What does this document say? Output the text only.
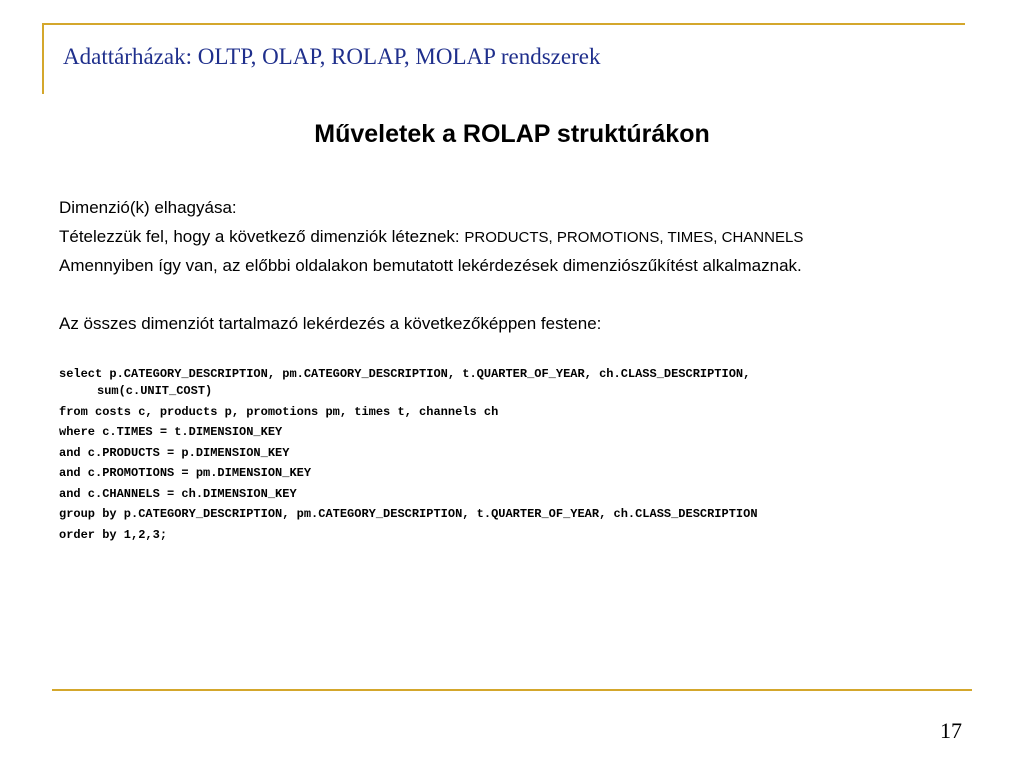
Adattárházak: OLTP, OLAP, ROLAP, MOLAP rendszerek
Műveletek a ROLAP struktúrákon
Dimenzió(k) elhagyása:
Tételezzük fel, hogy a következő dimenziók léteznek: PRODUCTS, PROMOTIONS, TIMES, CHANNELS
Amennyiben így van, az előbbi oldalakon bemutatott lekérdezések dimenziószűkítést alkalmaznak.
Az összes dimenziót tartalmazó lekérdezés a következőképpen festene:
select p.CATEGORY_DESCRIPTION, pm.CATEGORY_DESCRIPTION, t.QUARTER_OF_YEAR, ch.CLASS_DESCRIPTION,
sum(c.UNIT_COST)
from costs c, products p, promotions pm, times t, channels ch
where c.TIMES = t.DIMENSION_KEY
and c.PRODUCTS = p.DIMENSION_KEY
and c.PROMOTIONS = pm.DIMENSION_KEY
and c.CHANNELS = ch.DIMENSION_KEY
group by p.CATEGORY_DESCRIPTION, pm.CATEGORY_DESCRIPTION, t.QUARTER_OF_YEAR, ch.CLASS_DESCRIPTION
order by 1,2,3;
17
